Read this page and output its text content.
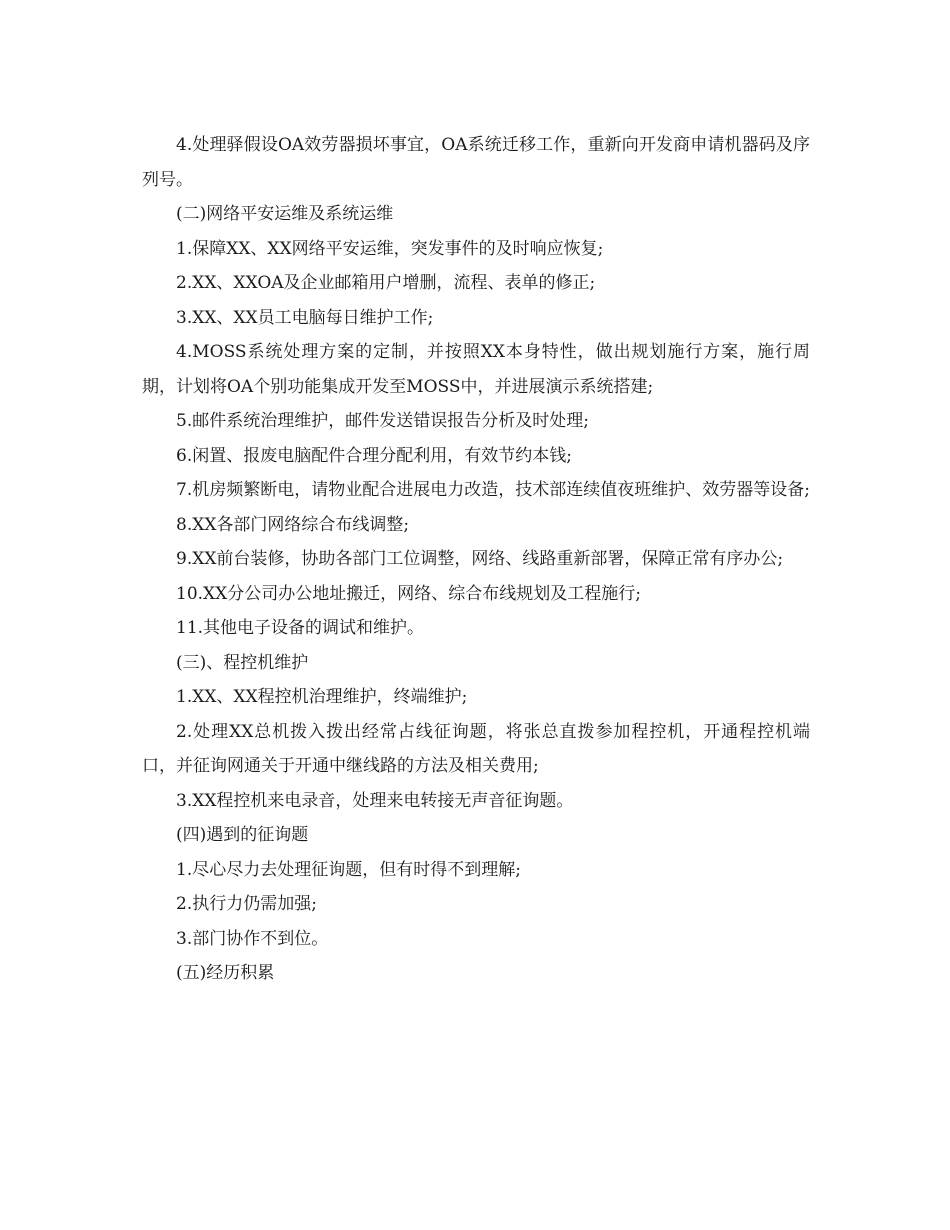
4.处理驿假设OA效劳器损坏事宜，OA系统迁移工作，重新向开发商申请机器码及序列号。

(二)网络平安运维及系统运维

1.保障XX、XX网络平安运维，突发事件的及时响应恢复;

2.XX、XXOA及企业邮箱用户增删，流程、表单的修正;

3.XX、XX员工电脑每日维护工作;

4.MOSS系统处理方案的定制，并按照XX本身特性，做出规划施行方案，施行周期，计划将OA个别功能集成开发至MOSS中，并进展演示系统搭建;

5.邮件系统治理维护，邮件发送错误报告分析及时处理;

6.闲置、报废电脑配件合理分配利用，有效节约本钱;

7.机房频繁断电，请物业配合进展电力改造，技术部连续值夜班维护、效劳器等设备;

8.XX各部门网络综合布线调整;

9.XX前台装修，协助各部门工位调整，网络、线路重新部署，保障正常有序办公;

10.XX分公司办公地址搬迁，网络、综合布线规划及工程施行;

11.其他电子设备的调试和维护。

(三)、程控机维护

1.XX、XX程控机治理维护，终端维护;

2.处理XX总机拨入拨出经常占线征询题，将张总直拨参加程控机，开通程控机端口，并征询网通关于开通中继线路的方法及相关费用;

3.XX程控机来电录音，处理来电转接无声音征询题。

(四)遇到的征询题

1.尽心尽力去处理征询题，但有时得不到理解;

2.执行力仍需加强;

3.部门协作不到位。

(五)经历积累
